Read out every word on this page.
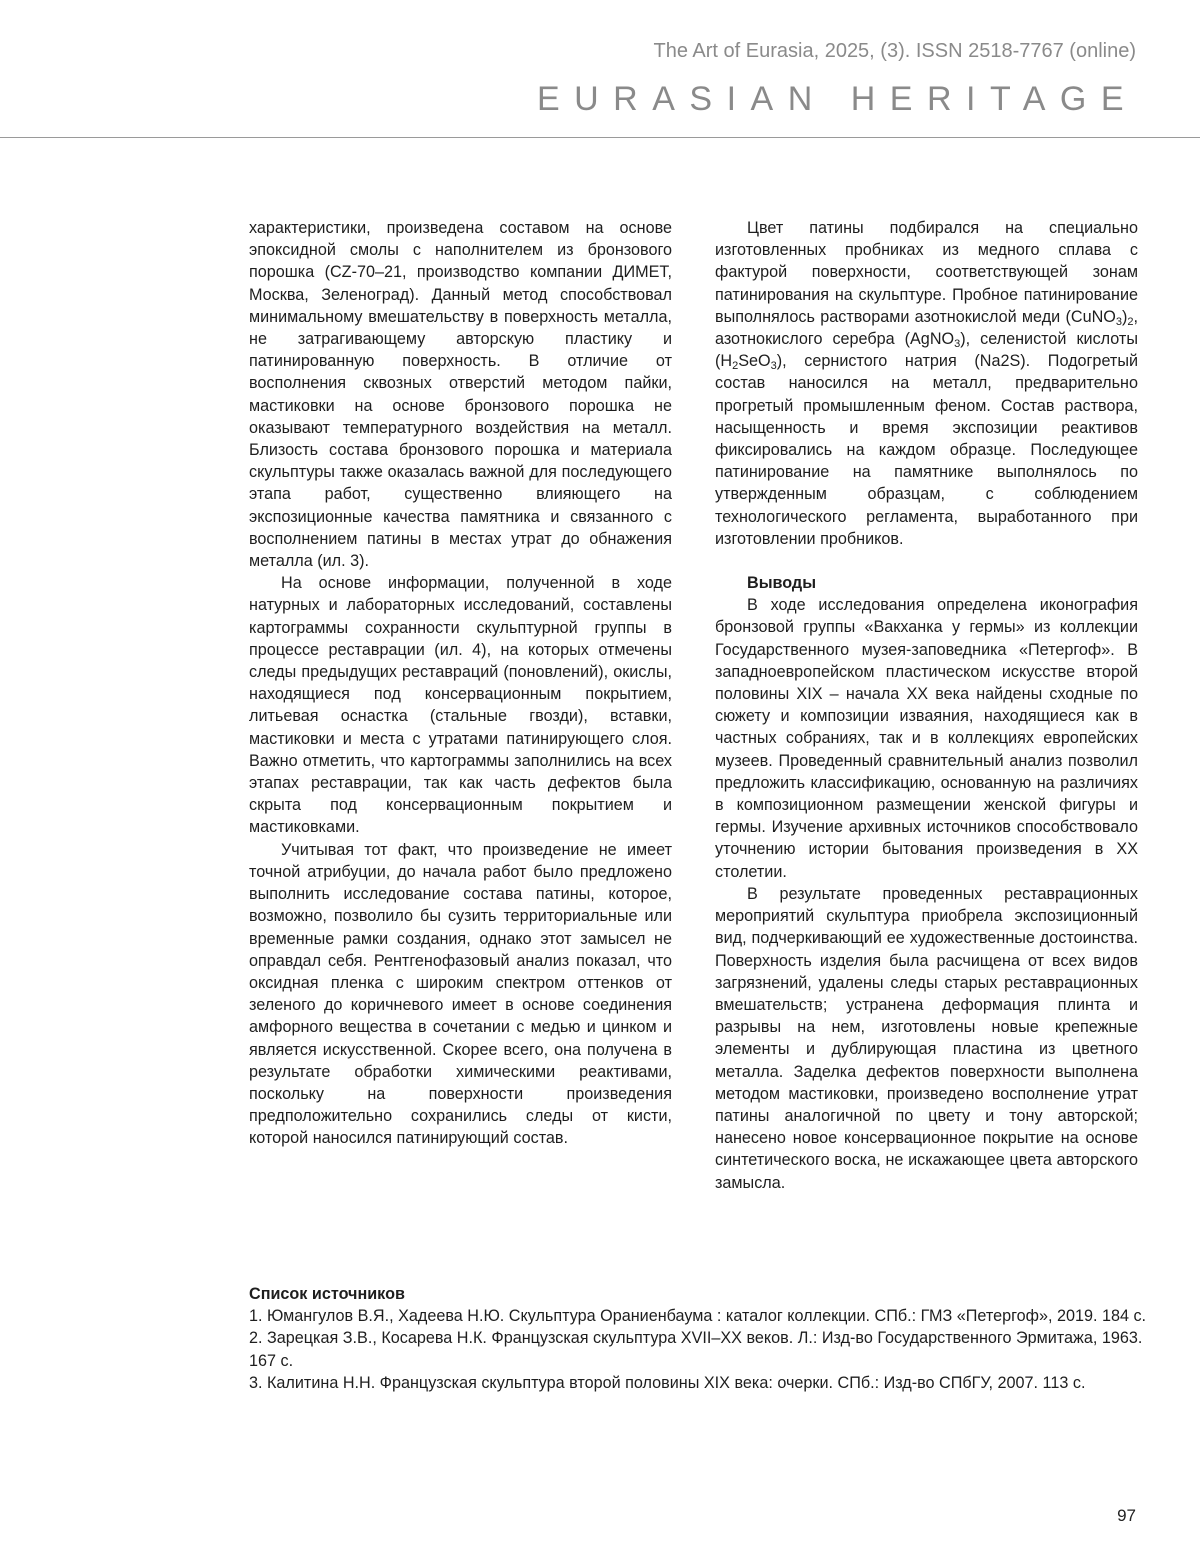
The Art of Eurasia, 2025, (3). ISSN 2518-7767 (online)
EURASIAN HERITAGE

характеристики, произведена составом на основе эпоксидной смолы с наполнителем из бронзового порошка (CZ-70–21, производство компании ДИМЕТ, Москва, Зеленоград). Данный метод способствовал минимальному вмешательству в поверхность металла, не затрагивающему авторскую пластику и патинированную поверхность. В отличие от восполнения сквозных отверстий методом пайки, мастиковки на основе бронзового порошка не оказывают температурного воздействия на металл. Близость состава бронзового порошка и материала скульптуры также оказалась важной для последующего этапа работ, существенно влияющего на экспозиционные качества памятника и связанного с восполнением патины в местах утрат до обнажения металла (ил. 3).

На основе информации, полученной в ходе натурных и лабораторных исследований, составлены картограммы сохранности скульптурной группы в процессе реставрации (ил. 4), на которых отмечены следы предыдущих реставраций (поновлений), окислы, находящиеся под консервационным покрытием, литьевая оснастка (стальные гвозди), вставки, мастиковки и места с утратами патинирующего слоя. Важно отметить, что картограммы заполнились на всех этапах реставрации, так как часть дефектов была скрыта под консервационным покрытием и мастиковками.

Учитывая тот факт, что произведение не имеет точной атрибуции, до начала работ было предложено выполнить исследование состава патины, которое, возможно, позволило бы сузить территориальные или временные рамки создания, однако этот замысел не оправдал себя. Рентгенофазовый анализ показал, что оксидная пленка с широким спектром оттенков от зеленого до коричневого имеет в основе соединения амфорного вещества в сочетании с медью и цинком и является искусственной. Скорее всего, она получена в результате обработки химическими реактивами, поскольку на поверхности произведения предположительно сохранились следы от кисти, которой наносился патинирующий состав.

Цвет патины подбирался на специально изготовленных пробниках из медного сплава с фактурой поверхности, соответствующей зонам патинирования на скульптуре. Пробное патинирование выполнялось растворами азотнокислой меди $(CuNO_3)_2$, азотнокислого серебра (AgNO$_3$), селенистой кислоты $(H_2SeO_3)$, сернистого натрия (Na2S). Подогретый состав наносился на металл, предварительно прогретый промышленным феном. Состав раствора, насыщенность и время экспозиции реактивов фиксировались на каждом образце. Последующее патинирование на памятнике выполнялось по утвержденным образцам, с соблюдением технологического регламента, выработанного при изготовлении пробников.

Выводы

В ходе исследования определена иконография бронзовой группы «Вакханка у гермы» из коллекции Государственного музея-заповедника «Петергоф». В западноевропейском пластическом искусстве второй половины XIX – начала XX века найдены сходные по сюжету и композиции изваяния, находящиеся как в частных собраниях, так и в коллекциях европейских музеев. Проведенный сравнительный анализ позволил предложить классификацию, основанную на различиях в композиционном размещении женской фигуры и гермы. Изучение архивных источников способствовало уточнению истории бытования произведения в XX столетии.

В результате проведенных реставрационных мероприятий скульптура приобрела экспозиционный вид, подчеркивающий ее художественные достоинства. Поверхность изделия была расчищена от всех видов загрязнений, удалены следы старых реставрационных вмешательств; устранена деформация плинта и разрывы на нем, изготовлены новые крепежные элементы и дублирующая пластина из цветного металла. Заделка дефектов поверхности выполнена методом мастиковки, произведено восполнение утрат патины аналогичной по цвету и тону авторской; нанесено новое консервационное покрытие на основе синтетического воска, не искажающее цвета авторского замысла.

Список источников

1. Юмангулов В.Я., Хадеева Н.Ю. Скульптура Ораниенбаума : каталог коллекции. СПб.: ГМЗ «Петергоф», 2019. 184 с.

2. Зарецкая З.В., Косарева Н.К. Французская скульптура XVII–XX веков. Л.: Изд-во Государственного Эрмитажа, 1963. 167 с.

3. Калитина Н.Н. Французская скульптура второй половины XIX века: очерки. СПб.: Изд-во СПбГУ, 2007. 113 с.

97
